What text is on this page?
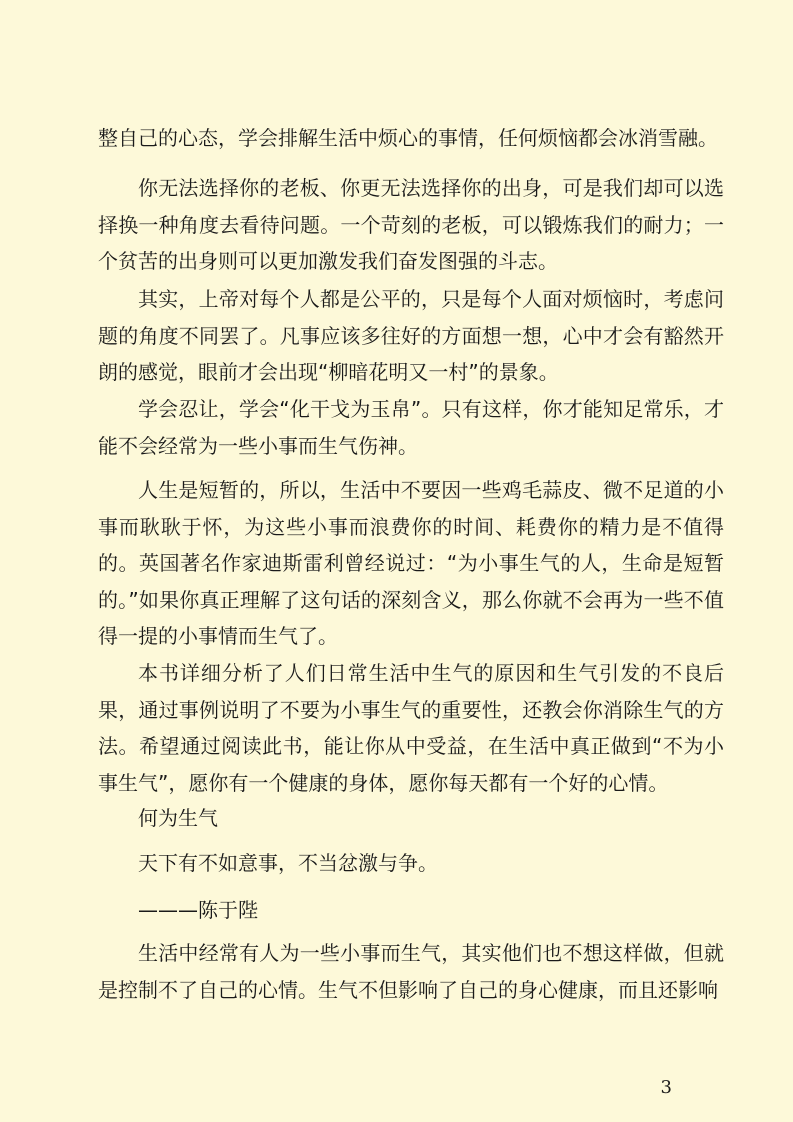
整自己的心态，学会排解生活中烦心的事情，任何烦恼都会冰消雪融。

你无法选择你的老板、你更无法选择你的出身，可是我们却可以选择换一种角度去看待问题。一个苛刻的老板，可以锻炼我们的耐力；一个贫苦的出身则可以更加激发我们奋发图强的斗志。

其实，上帝对每个人都是公平的，只是每个人面对烦恼时，考虑问题的角度不同罢了。凡事应该多往好的方面想一想，心中才会有豁然开朗的感觉，眼前才会出现“柳暗花明又一村”的景象。

学会忍让，学会“化干戈为玉帛”。只有这样，你才能知足常乐，才能不会经常为一些小事而生气伤神。

人生是短暂的，所以，生活中不要因一些鸡毛蒜皮、微不足道的小事而耿耿于怀，为这些小事而浪费你的时间、耗费你的精力是不值得的。英国著名作家迪斯雷利曾经说过：“为小事生气的人，生命是短暂的。”如果你真正理解了这句话的深刻含义，那么你就不会再为一些不值得一提的小事情而生气了。

本书详细分析了人们日常生活中生气的原因和生气引发的不良后果，通过事例说明了不要为小事生气的重要性，还教会你消除生气的方法。希望通过阅读此书，能让你从中受益，在生活中真正做到“不为小事生气”，愿你有一个健康的身体，愿你每天都有一个好的心情。

何为生气

天下有不如意事，不当忿激与争。

———陈于陛

生活中经常有人为一些小事而生气，其实他们也不想这样做，但就是控制不了自己的心情。生气不但影响了自己的身心健康，而且还影响

3
